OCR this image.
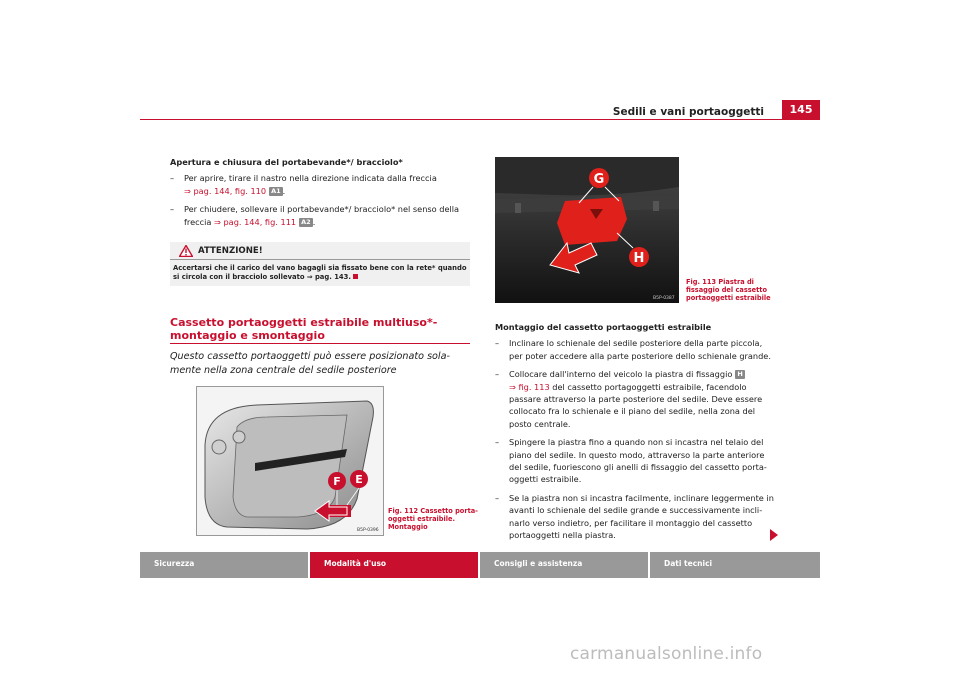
Sedili e vani portaoggetti	145

Apertura e chiusura del portabevande*/ bracciolo*

– Per aprire, tirare il nastro nella direzione indicata dalla freccia
⇒ pag. 144, fig. 110 A1 .

– Per chiudere, sollevare il portabevande*/ bracciolo* nel senso della freccia ⇒ pag. 144, fig. 111 A2 .

ATTENZIONE!
Accertarsi che il carico del vano bagagli sia fissato bene con la rete* quando si circola con il bracciolo sollevato ⇒ pag. 143.
Cassetto portaoggetti estraibile multiuso*- montaggio e smontaggio
Questo cassetto portaoggetti può essere posizionato sola-mente nella zona centrale del sedile posteriore
F E
B5P-0396
Fig. 112 Cassetto porta-oggetti estraibile. Montaggio
G
H
B5P-0387
Fig. 113 Piastra di fissaggio del cassetto portaoggetti estraibile

Montaggio del cassetto portaoggetti estraibile

– Inclinare lo schienale del sedile posteriore della parte piccola, per poter accedere alla parte posteriore dello schienale grande.

– Collocare dall'interno del veicolo la piastra di fissaggio H
⇒ fig. 113 del cassetto portagoggetti estraibile, facendolo passare attraverso la parte posteriore del sedile. Deve essere collocato fra lo schienale e il piano del sedile, nella zona del posto centrale.

– Spingere la piastra fino a quando non si incastra nel telaio del piano del sedile. In questo modo, attraverso la parte anteriore del sedile, fuoriescono gli anelli di fissaggio del cassetto porta-oggetti estraibile.

– Se la piastra non si incastra facilmente, inclinare leggermente in avanti lo schienale del sedile grande e successivamente incli-narlo verso indietro, per facilitare il montaggio del cassetto portaoggetti nella piastra.

Sicurezza	Modalità d'uso	Consigli e assistenza	Dati tecnici
carmanualsonline.info
